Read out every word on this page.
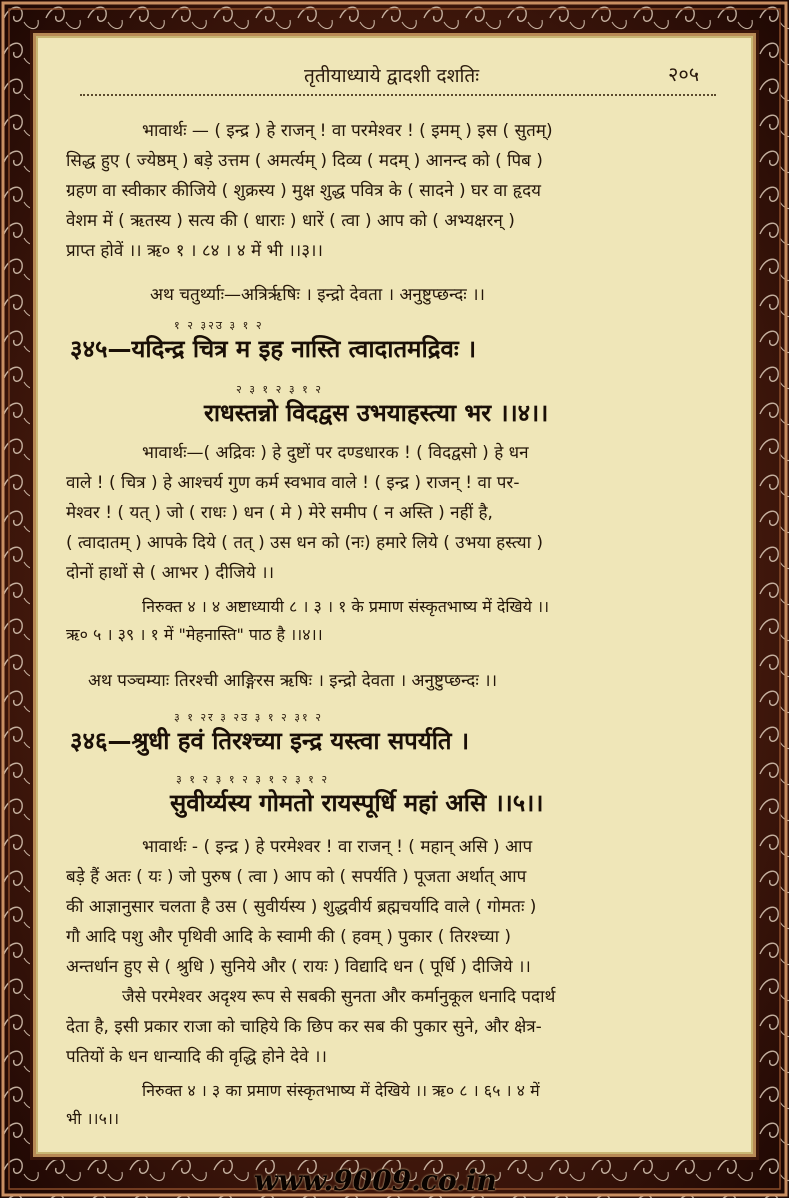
तृतीयाध्याये द्वादशी दशतिः	२०५
भावार्थः — ( इन्द्र ) हे राजन् ! वा परमेश्वर ! ( इमम् ) इस ( सुतम्)
सिद्ध हुए ( ज्येष्ठम् ) बड़े उत्तम ( अमर्त्यम् ) दिव्य ( मदम् ) आनन्द को ( पिब )
ग्रहण वा स्वीकार कीजिये ( शुक्रस्य ) मुक्ष शुद्ध पवित्र के ( सादने ) घर वा हृदय
वेशम में ( ऋतस्य ) सत्य की ( धाराः ) धारें ( त्वा ) आप को ( अभ्यक्षरन् )
प्राप्त होवें ।। ऋ० १ । ८४ । ४ में भी ।।३।।
अथ चतुर्थ्याः—अत्रिर्ऋषिः । इन्द्रो देवता । अनुष्टुप्छन्दः ।।
१ २ ३२उ ३ १ २
३४५—यदिन्द्र चित्र म इह नास्ति त्वादातमद्रिवः ।
२ ३ १ २ ३ १ २
राधस्तन्नो विदद्वस उभयाहस्त्या भर ।।४।।
भावार्थः—( अद्रिवः ) हे दुष्टों पर दण्डधारक ! ( विदद्वसो ) हे धन
वाले ! ( चित्र ) हे आश्चर्य गुण कर्म स्वभाव वाले ! ( इन्द्र ) राजन् ! वा पर-
मेश्वर ! ( यत् ) जो ( राधः ) धन ( मे ) मेरे समीप ( न अस्ति ) नहीं है,
( त्वादातम् ) आपके दिये ( तत् ) उस धन को (नः) हमारे लिये ( उभया हस्त्या )
दोनों हाथों से ( आभर ) दीजिये ।।
निरुक्त ४ । ४ अष्टाध्यायी ८ । ३ । १ के प्रमाण संस्कृतभाष्य में देखिये ।।
ऋ० ५ । ३९ । १ में "मेहनास्ति" पाठ है ।।४।।
अथ पञ्चम्याः तिरश्ची आङ्गिरस ऋषिः । इन्द्रो देवता । अनुष्टुप्छन्दः ।।
३ १ २र ३ २उ ३ १ २ ३१ २
३४६—श्रुधी हवं तिरश्च्या इन्द्र यस्त्वा सपर्यति ।
३ १ २ ३ १ २ ३ १ २ ३ १ २
सुवीर्य्यस्य गोमतो रायस्पूर्धि महां असि ।।५।।
भावार्थः - ( इन्द्र ) हे परमेश्वर ! वा राजन् ! ( महान् असि ) आप
बड़े हैं अतः ( यः ) जो पुरुष ( त्वा ) आप को ( सपर्यति ) पूजता अर्थात् आप
की आज्ञानुसार चलता है उस ( सुवीर्यस्य ) शुद्धवीर्य ब्रह्मचर्यादि वाले ( गोमतः )
गौ आदि पशु और पृथिवी आदि के स्वामी की ( हवम् ) पुकार ( तिरश्च्या )
अन्तर्धान हुए से ( श्रुधि ) सुनिये और ( रायः ) विद्यादि धन ( पूर्धि ) दीजिये ।।
जैसे परमेश्वर अदृश्य रूप से सबकी सुनता और कर्मानुकूल धनादि पदार्थ
देता है, इसी प्रकार राजा को चाहिये कि छिप कर सब की पुकार सुने, और क्षेत्र-
पतियों के धन धान्यादि की वृद्धि होने देवे ।।
निरुक्त ४ । ३ का प्रमाण संस्कृतभाष्य में देखिये ।। ऋ० ८ । ६५ । ४ में
भी ।।५।।
www.9009.co.in
